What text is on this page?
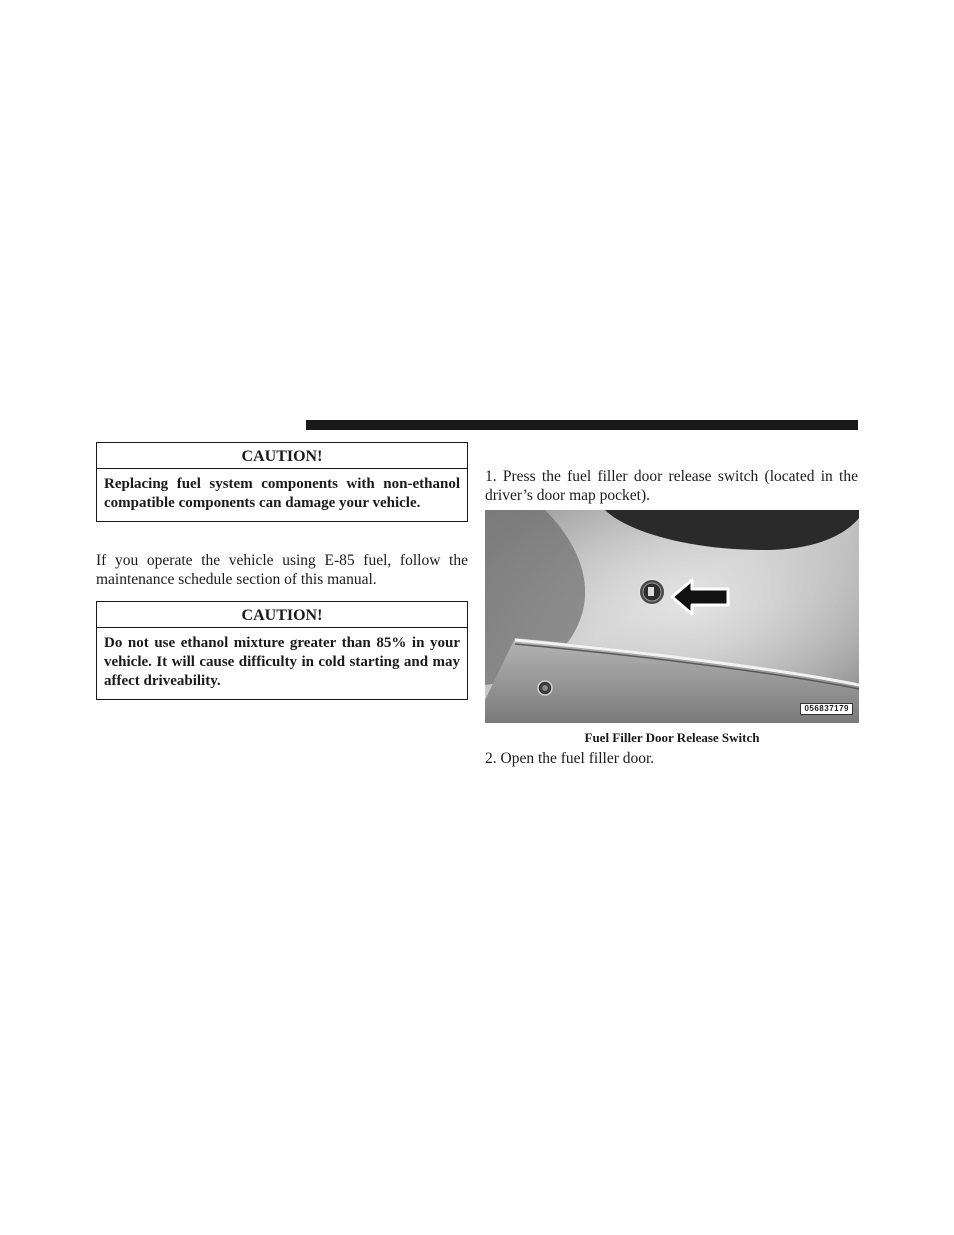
CAUTION!
Replacing fuel system components with non-ethanol compatible components can damage your vehicle.

If you operate the vehicle using E-85 fuel, follow the maintenance schedule section of this manual.

CAUTION!
Do not use ethanol mixture greater than 85% in your vehicle. It will cause difficulty in cold starting and may affect driveability.

1. Press the fuel filler door release switch (located in the driver’s door map pocket).

056837179
Fuel Filler Door Release Switch

2. Open the fuel filler door.
